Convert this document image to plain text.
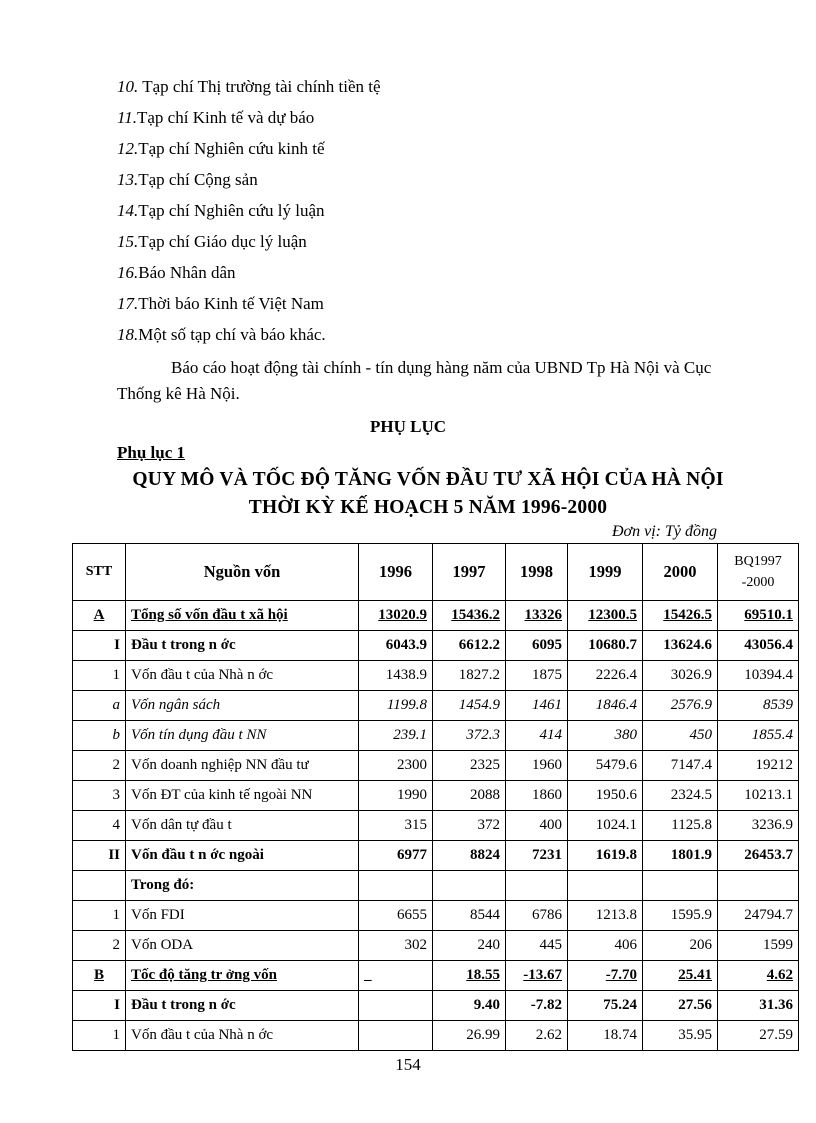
10. Tạp chí Thị trường tài chính tiền tệ
11.Tạp chí Kinh tế và dự báo
12.Tạp chí Nghiên cứu kinh tế
13.Tạp chí Cộng sản
14.Tạp chí Nghiên cứu lý luận
15.Tạp chí Giáo dục lý luận
16.Báo Nhân dân
17.Thời báo Kinh tế Việt Nam
18.Một số tạp chí và báo khác.
Báo cáo hoạt động tài chính - tín dụng hàng năm của UBND Tp Hà Nội và Cục Thống kê Hà Nội.
PHỤ LỤC
Phụ lục 1
QUY MÔ VÀ TỐC ĐỘ TĂNG VỐN ĐẦU TƯ XÃ HỘI CỦA HÀ NỘI
THỜI KỲ KẾ HOẠCH 5 NĂM 1996-2000
Đơn vị: Tỷ đồng
STT	Nguồn vốn	1996	1997	1998	1999	2000	BQ1997
-2000
A	Tổng số vốn đầu t xã hội	13020.9	15436.2	13326	12300.5	15426.5	69510.1
I	Đầu t trong n ớc	6043.9	6612.2	6095	10680.7	13624.6	43056.4
1	Vốn đầu t của Nhà n ớc	1438.9	1827.2	1875	2226.4	3026.9	10394.4
a	Vốn ngân sách	1199.8	1454.9	1461	1846.4	2576.9	8539
b	Vốn tín dụng đầu t NN	239.1	372.3	414	380	450	1855.4
2	Vốn doanh nghiệp NN đầu tư	2300	2325	1960	5479.6	7147.4	19212
3	Vốn ĐT của kinh tế ngoài NN	1990	2088	1860	1950.6	2324.5	10213.1
4	Vốn dân tự đầu t	315	372	400	1024.1	1125.8	3236.9
II	Vốn đầu t n ớc ngoài	6977	8824	7231	1619.8	1801.9	26453.7
	Trong đó:						
1	Vốn FDI	6655	8544	6786	1213.8	1595.9	24794.7
2	Vốn ODA	302	240	445	406	206	1599
B	Tốc độ tăng tr ởng vốn	_	18.55	-13.67	-7.70	25.41	4.62
I	Đầu t trong n ớc		9.40	-7.82	75.24	27.56	31.36
1	Vốn đầu t của Nhà n ớc		26.99	2.62	18.74	35.95	27.59
154
